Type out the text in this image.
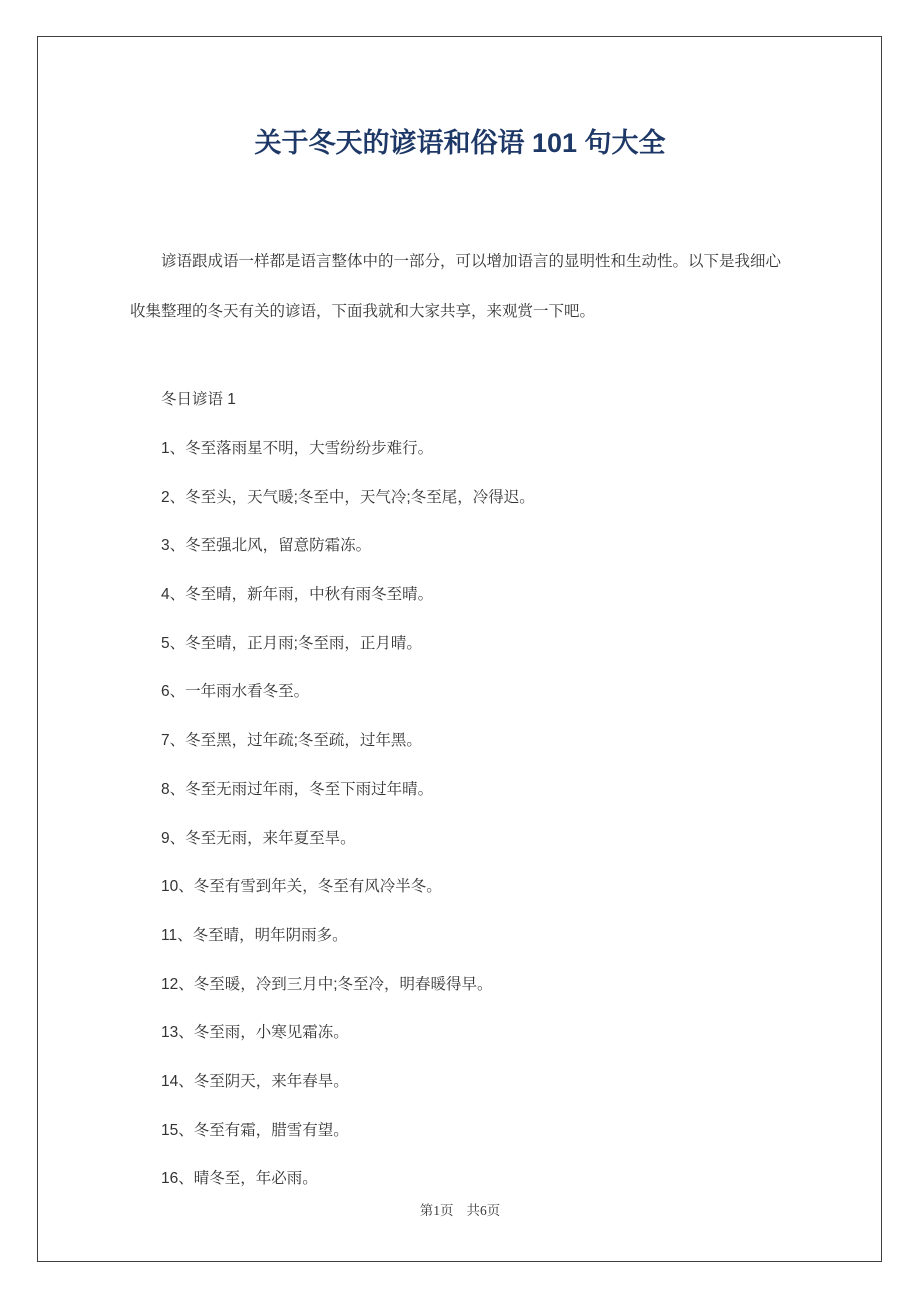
关于冬天的谚语和俗语 101 句大全

谚语跟成语一样都是语言整体中的一部分，可以增加语言的显明性和生动性。以下是我细心收集整理的冬天有关的谚语，下面我就和大家共享，来观赏一下吧。

冬日谚语 1
1、冬至落雨星不明，大雪纷纷步难行。
2、冬至头，天气暖;冬至中，天气冷;冬至尾，冷得迟。
3、冬至强北风，留意防霜冻。
4、冬至晴，新年雨，中秋有雨冬至晴。
5、冬至晴，正月雨;冬至雨，正月晴。
6、一年雨水看冬至。
7、冬至黑，过年疏;冬至疏，过年黑。
8、冬至无雨过年雨，冬至下雨过年晴。
9、冬至无雨，来年夏至旱。
10、冬至有雪到年关，冬至有风冷半冬。
11、冬至晴，明年阴雨多。
12、冬至暖，冷到三月中;冬至冷，明春暖得早。
13、冬至雨，小寒见霜冻。
14、冬至阴天，来年春旱。
15、冬至有霜，腊雪有望。
16、晴冬至，年必雨。
第1页 共6页
